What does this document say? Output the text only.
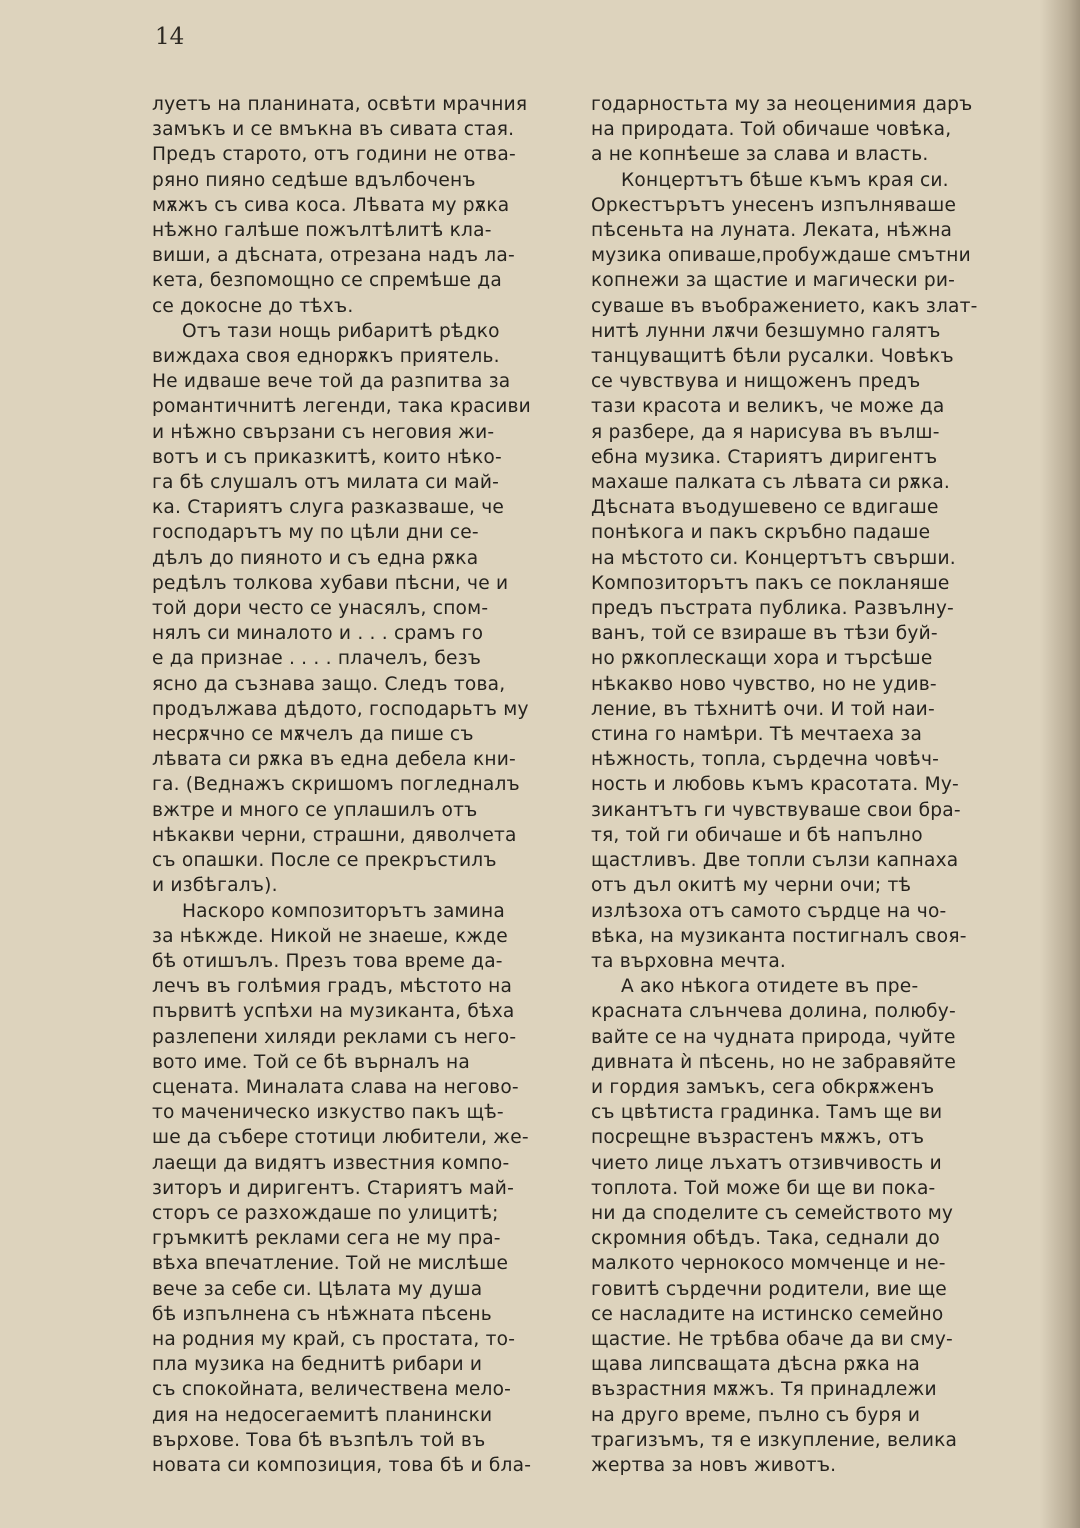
14

луетъ на планината, освѣти мрачния
замъкъ и се вмъкна въ сивата стая.
Предъ старото, отъ години не отва-
ряно пияно седѣше вдълбоченъ
мѫжъ съ сива коса. Лѣвата му рѫка
нѣжно галѣше пожълтѣлитѣ кла-
виши, а дѣсната, отрезана надъ ла-
кета, безпомощно се спремѣше да
се докосне до тѣхъ.

Отъ тази нощь рибаритѣ рѣдко
виждаха своя еднорѫкъ приятель.
Не идваше вече той да разпитва за
романтичнитѣ легенди, така красиви
и нѣжно свързани съ неговия жи-
вотъ и съ приказкитѣ, които нѣко-
га бѣ слушалъ отъ милата си май-
ка. Стариятъ слуга разказваше, че
господарътъ му по цѣли дни се-
дѣлъ до пияното и съ една рѫка
редѣлъ толкова хубави пѣсни, че и
той дори често се унасялъ, спом-
нялъ си миналото и . . . срамъ го
е да признае . . . . плачелъ, безъ
ясно да съзнава защо. Следъ това,
продължава дѣдото, господарьтъ му
несрѫчно се мѫчелъ да пише съ
лѣвата си рѫка въ една дебела кни-
га. (Веднажъ скришомъ погледналъ
вжтре и много се уплашилъ отъ
нѣкакви черни, страшни, дяволчета
съ опашки. После се прекръстилъ
и избѣгалъ).

Наскоро композиторътъ замина
за нѣкжде. Никой не знаеше, кжде
бѣ отишълъ. Презъ това време да-
лечъ въ голѣмия градъ, мѣстото на
първитѣ успѣхи на музиканта, бѣха
разлепени хиляди реклами съ него-
вото име. Той се бѣ върналъ на
сцената. Миналата слава на негово-
то маченическо изкуство пакъ щѣ-
ше да събере стотици любители, же-
лаещи да видятъ известния компо-
зиторъ и диригентъ. Стариятъ май-
сторъ се разхождаше по улицитѣ;
гръмкитѣ реклами сега не му пра-
вѣха впечатление. Той не мислѣше
вече за себе си. Цѣлата му душа
бѣ изпълнена съ нѣжната пѣсень
на родния му край, съ простата, то-
пла музика на беднитѣ рибари и
съ спокойната, величествена мело-
дия на недосегаемитѣ планински
върхове. Това бѣ възпѣлъ той въ
новата си композиция, това бѣ и бла-

годарностьта му за неоценимия даръ
на природата. Той обичаше човѣка,
а не копнѣеше за слава и власть.

Концертътъ бѣше къмъ края си.
Оркестърътъ унесенъ изпълняваше
пѣсеньта на луната. Леката, нѣжна
музика опиваше,пробуждаше смътни
копнежи за щастие и магически ри-
суваше въ въображението, какъ злат-
нитѣ лунни лѫчи безшумно галятъ
танцуващитѣ бѣли русалки. Човѣкъ
се чувствува и нищоженъ предъ
тази красота и великъ, че може да
я разбере, да я нарисува въ вълш-
ебна музика. Стариятъ диригентъ
махаше палката съ лѣвата си рѫка.
Дѣсната въодушевено се вдигаше
понѣкога и пакъ скръбно падаше
на мѣстото си. Концертътъ свърши.
Композиторътъ пакъ се покланяше
предъ пъстрата публика. Развълну-
ванъ, той се взираше въ тѣзи буй-
но рѫкоплескащи хора и търсѣше
нѣкакво ново чувство, но не удив-
ление, въ тѣхнитѣ очи. И той наи-
стина го намѣри. Тѣ мечтаеха за
нѣжность, топла, сърдечна човѣч-
ность и любовь къмъ красотата. Му-
зикантътъ ги чувствуваше свои бра-
тя, той ги обичаше и бѣ напълно
щастливъ. Две топли сълзи капнаха
отъ дъл окитѣ му черни очи; тѣ
излѣзоха отъ самото сърдце на чо-
вѣка, на музиканта постигналъ своя-
та върховна мечта.

А ако нѣкога отидете въ пре-
красната слънчева долина, полюбу-
вайте се на чудната природа, чуйте
дивната ѝ пѣсень, но не забравяйте
и гордия замъкъ, сега обкрѫженъ
съ цвѣтиста градинка. Тамъ ще ви
посрещне възрастенъ мѫжъ, отъ
чието лице лъхатъ отзивчивость и
топлота. Той може би ще ви пока-
ни да споделите съ семейството му
скромния обѣдъ. Така, седнали до
малкото чернокосо момченце и не-
говитѣ сърдечни родители, вие ще
се насладите на истинско семейно
щастие. Не трѣбва обаче да ви сму-
щава липсващата дѣсна рѫка на
възрастния мѫжъ. Тя принадлежи
на друго време, пълно съ буря и
трагизъмъ, тя е изкупление, велика
жертва за новъ животъ.
